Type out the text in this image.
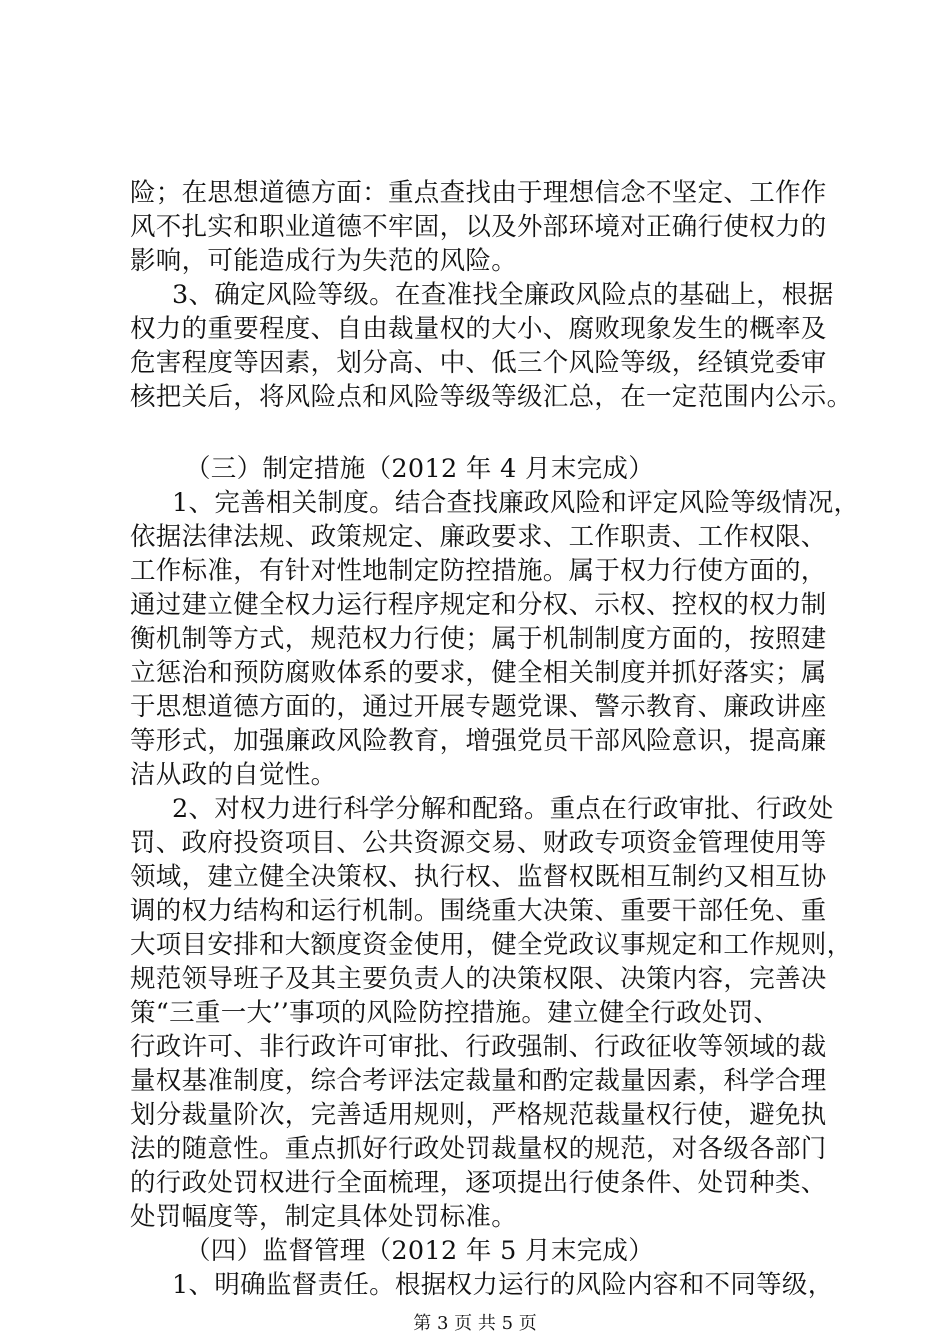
险；在思想道德方面：重点查找由于理想信念不坚定、工作作
风不扎实和职业道德不牢固，以及外部环境对正确行使权力的
影响，可能造成行为失范的风险。
3、确定风险等级。在查准找全廉政风险点的基础上，根据
权力的重要程度、自由裁量权的大小、腐败现象发生的概率及
危害程度等因素，划分高、中、低三个风险等级，经镇党委审
核把关后，将风险点和风险等级等级汇总，在一定范围内公示。
（三）制定措施（2012 年 4 月末完成）
1、完善相关制度。结合查找廉政风险和评定风险等级情况，
依据法律法规、政策规定、廉政要求、工作职责、工作权限、
工作标准，有针对性地制定防控措施。属于权力行使方面的，
通过建立健全权力运行程序规定和分权、示权、控权的权力制
衡机制等方式，规范权力行使；属于机制制度方面的，按照建
立惩治和预防腐败体系的要求，健全相关制度并抓好落实；属
于思想道德方面的，通过开展专题党课、警示教育、廉政讲座
等形式，加强廉政风险教育，增强党员干部风险意识，提高廉
洁从政的自觉性。
2、对权力进行科学分解和配臵。重点在行政审批、行政处
罚、政府投资项目、公共资源交易、财政专项资金管理使用等
领域，建立健全决策权、执行权、监督权既相互制约又相互协
调的权力结构和运行机制。围绕重大决策、重要干部任免、重
大项目安排和大额度资金使用，健全党政议事规定和工作规则，
规范领导班子及其主要负责人的决策权限、决策内容，完善决
策“三重一大’’事项的风险防控措施。建立健全行政处罚、
行政许可、非行政许可审批、行政强制、行政征收等领域的裁
量权基准制度，综合考评法定裁量和酌定裁量因素，科学合理
划分裁量阶次，完善适用规则，严格规范裁量权行使，避免执
法的随意性。重点抓好行政处罚裁量权的规范，对各级各部门
的行政处罚权进行全面梳理，逐项提出行使条件、处罚种类、
处罚幅度等，制定具体处罚标准。
（四）监督管理（2012 年 5 月末完成）
1、明确监督责任。根据权力运行的风险内容和不同等级，
第 3 页 共 5 页
